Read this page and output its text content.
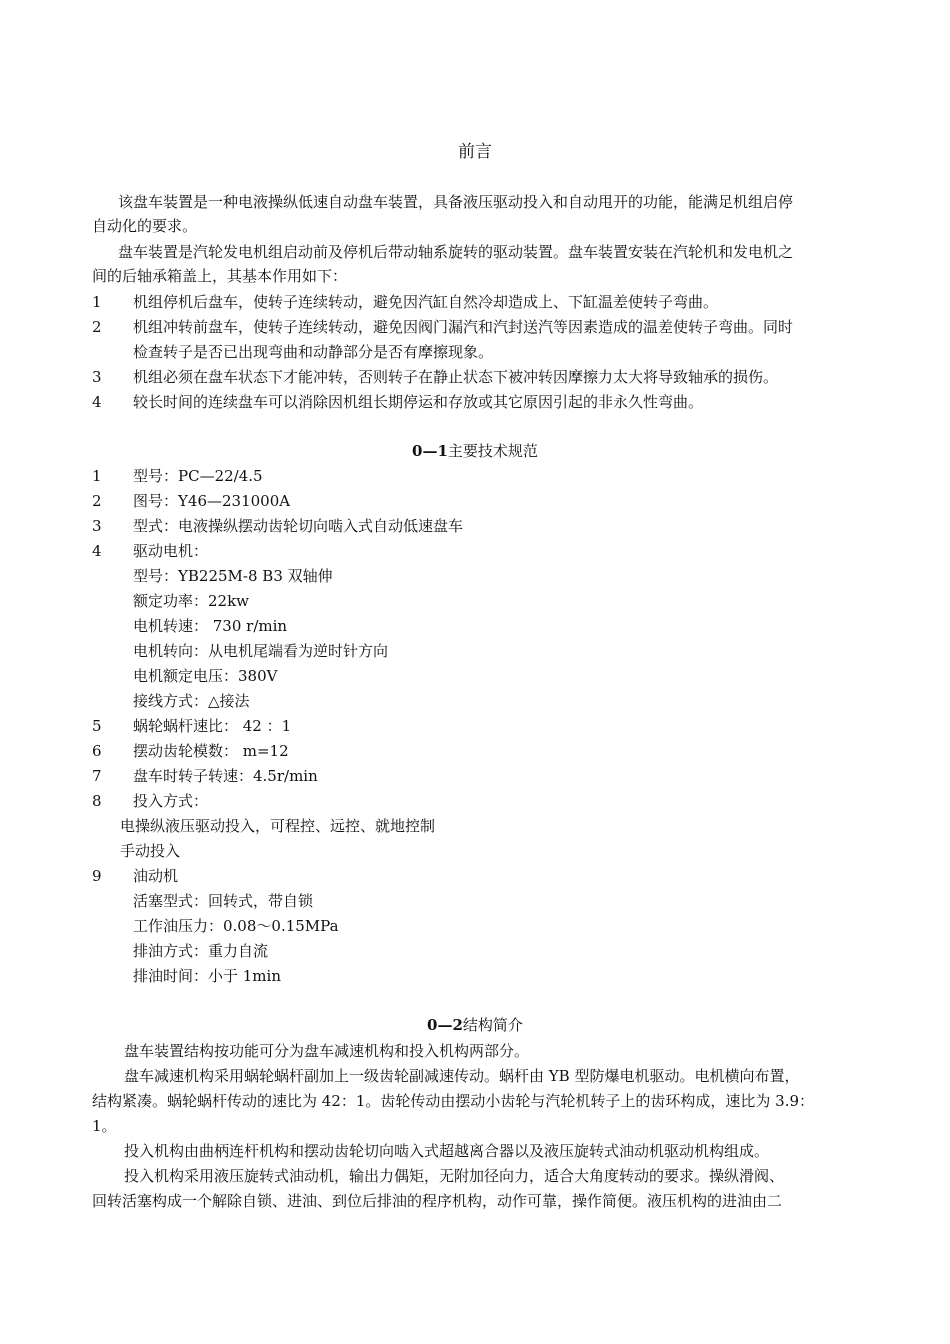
前言
该盘车装置是一种电液操纵低速自动盘车装置，具备液压驱动投入和自动甩开的功能，能满足机组启停
自动化的要求。
盘车装置是汽轮发电机组启动前及停机后带动轴系旋转的驱动装置。盘车装置安装在汽轮机和发电机之
间的后轴承箱盖上，其基本作用如下：
1 机组停机后盘车，使转子连续转动，避免因汽缸自然冷却造成上、下缸温差使转子弯曲。
2 机组冲转前盘车，使转子连续转动，避免因阀门漏汽和汽封送汽等因素造成的温差使转子弯曲。同时
检查转子是否已出现弯曲和动静部分是否有摩擦现象。
3 机组必须在盘车状态下才能冲转，否则转子在静止状态下被冲转因摩擦力太大将导致轴承的损伤。
4 较长时间的连续盘车可以消除因机组长期停运和存放或其它原因引起的非永久性弯曲。
0—1主要技术规范
1 型号：PC—22/4.5
2 图号：Y46—231000A
3 型式：电液操纵摆动齿轮切向啮入式自动低速盘车
4 驱动电机：
型号：YB225M-8 B3 双轴伸
额定功率：22kw
电机转速： 730 r/min
电机转向：从电机尾端看为逆时针方向
电机额定电压：380V
接线方式：△接法
5 蜗轮蜗杆速比： 42 ：1
6 摆动齿轮模数： m=12
7 盘车时转子转速：4.5r/min
8 投入方式：
电操纵液压驱动投入，可程控、远控、就地控制
手动投入
9 油动机
活塞型式：回转式，带自锁
工作油压力：0.08～0.15MPa
排油方式：重力自流
排油时间：小于 1min
0—2结构简介
盘车装置结构按功能可分为盘车减速机构和投入机构两部分。
盘车减速机构采用蜗轮蜗杆副加上一级齿轮副减速传动。蜗杆由 YB 型防爆电机驱动。电机横向布置，
结构紧凑。蜗轮蜗杆传动的速比为 42：1。齿轮传动由摆动小齿轮与汽轮机转子上的齿环构成，速比为 3.9：
1。
投入机构由曲柄连杆机构和摆动齿轮切向啮入式超越离合器以及液压旋转式油动机驱动机构组成。
投入机构采用液压旋转式油动机，输出力偶矩，无附加径向力，适合大角度转动的要求。操纵滑阀、
回转活塞构成一个解除自锁、进油、到位后排油的程序机构，动作可靠，操作简便。液压机构的进油由二
